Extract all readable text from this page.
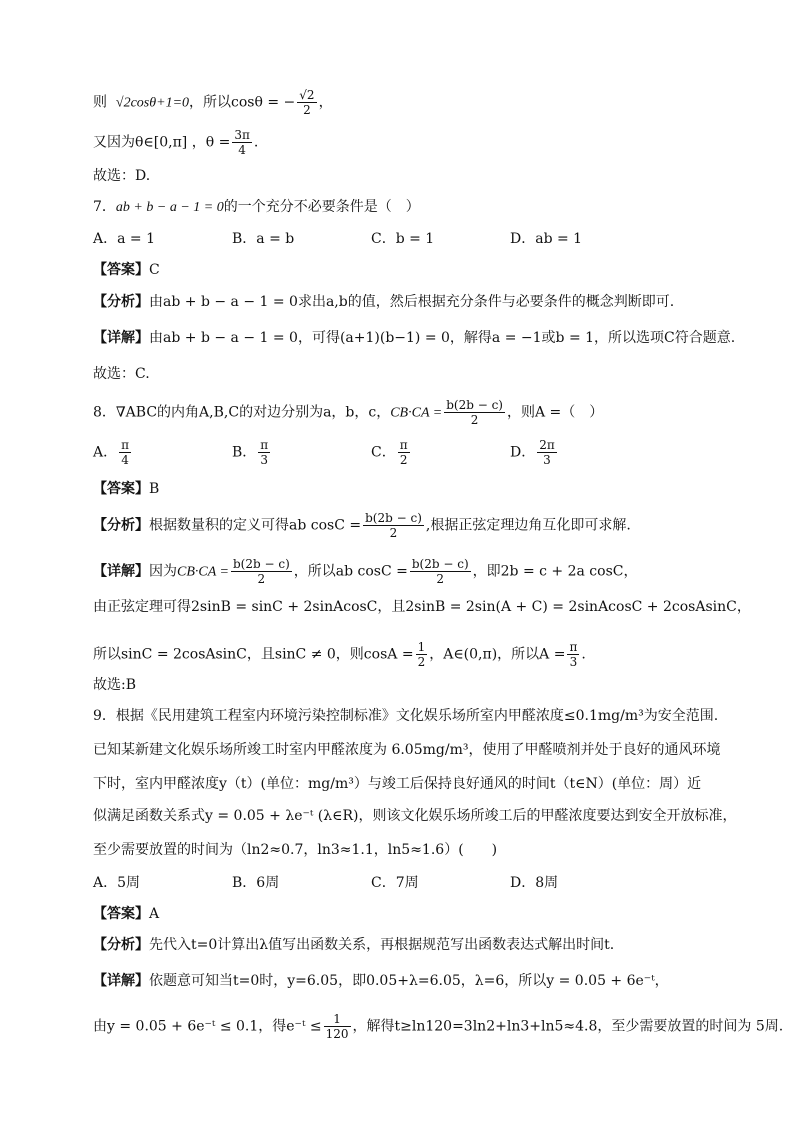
则 √2cosθ+1=0，所以cosθ = − $\frac{√2}{2}$ ，
又因为θ∈[0,π] ，$\theta = \frac{3\pi}{4}$ .
故选：D.
7．ab + b − a − 1 = 0的一个充分不必要条件是（　）
A．a = 1	B．a = b	C．b = 1	D．ab = 1
【答案】C
【分析】由ab + b − a − 1 = 0求出a,b的值，然后根据充分条件与必要条件的概念判断即可.
【详解】由ab + b − a − 1 = 0，可得(a+1)(b−1) = 0，解得a = −1或b = 1，所以选项C符合题意.
故选：C.
8．∇ABC的内角A,B,C的对边分别为a，b，c，$CB\cdot CA = \frac{b(2b - c)}{2}$ ，则A =（　）
A． $\frac{\pi}{4}$	B． $\frac{\pi}{3}$	C． $\frac{\pi}{2}$	D． $\frac{2\pi}{3}$
【答案】B
【分析】根据数量积的定义可得ab $\cos C = \frac{b(2b - c)}{2}$ ,根据正弦定理边角互化即可求解.
【详解】因为$CB\cdot CA = \frac{b(2b - c)}{2}$ ，所以ab $\cos C = \frac{b(2b - c)}{2}$ ，即2b = c + 2a cosC，
由正弦定理可得2sinB = sinC + 2sinAcosC，且2sinB = 2sin(A + C) = 2sinAcosC + 2cosAsinC，
所以sinC = 2cosAsinC，且sinC ≠ 0，则$\cos A = \frac{1}{2}$ ，A∈(0,π)，所以$A = \frac{\pi}{3}$ .
故选:B
9．根据《民用建筑工程室内环境污染控制标准》文化娱乐场所室内甲醛浓度≤0.1mg/m³为安全范围.
已知某新建文化娱乐场所竣工时室内甲醛浓度为 6.05mg/m³，使用了甲醛喷剂并处于良好的通风环境
下时，室内甲醛浓度y（t）(单位：mg/m³）与竣工后保持良好通风的时间t（t∈N）(单位：周）近
似满足函数关系式y = 0.05 + λe⁻ᵗ (λ∈R)，则该文化娱乐场所竣工后的甲醛浓度要达到安全开放标准，
至少需要放置的时间为（ln2≈0.7，ln3≈1.1，ln5≈1.6）(　　)
A．5周	B．6周	C．7周	D．8周
【答案】A
【分析】先代入t=0计算出λ值写出函数关系，再根据规范写出函数表达式解出时间t.
【详解】依题意可知当t=0时，y=6.05，即0.05+λ=6.05，λ=6，所以y = 0.05 + 6e⁻ᵗ，
由y = 0.05 + 6e⁻ᵗ ≤ 0.1，得e⁻ᵗ ≤ $\frac{1}{120}$ ，解得t≥ln120=3ln2+ln3+ln5≈4.8，至少需要放置的时间为 5周.
